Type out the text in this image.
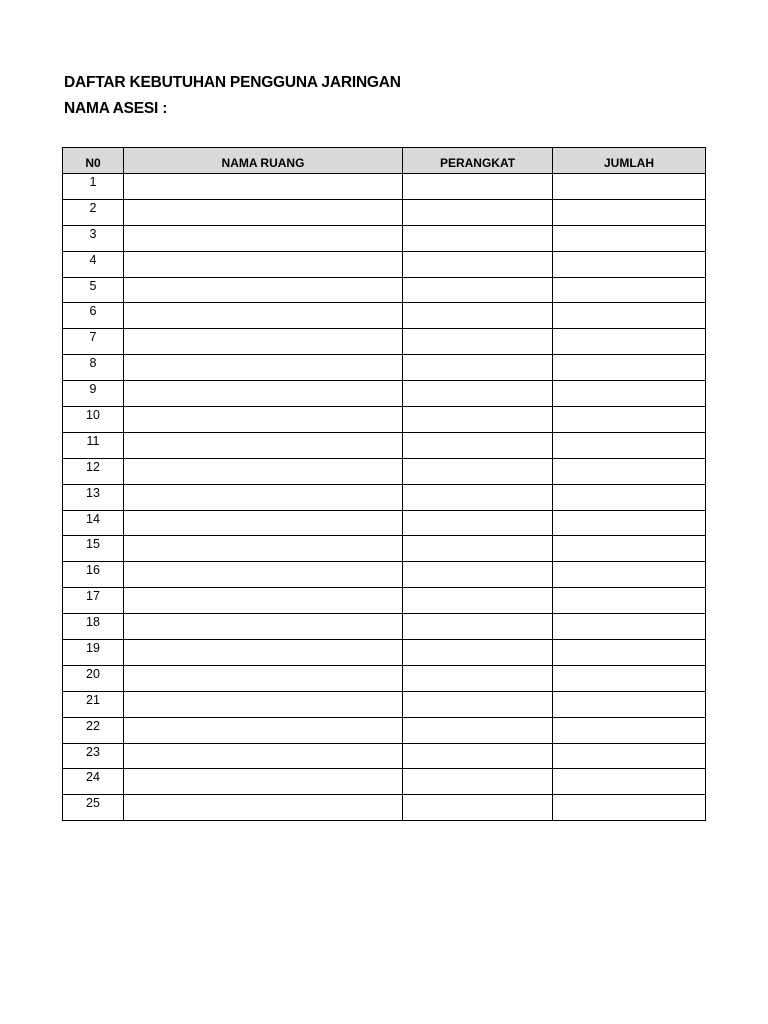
DAFTAR KEBUTUHAN PENGGUNA JARINGAN
NAMA ASESI :
N0	NAMA RUANG	PERANGKAT	JUMLAH
1			
2			
3			
4			
5			
6			
7			
8			
9			
10			
11			
12			
13			
14			
15			
16			
17			
18			
19			
20			
21			
22			
23			
24			
25			
